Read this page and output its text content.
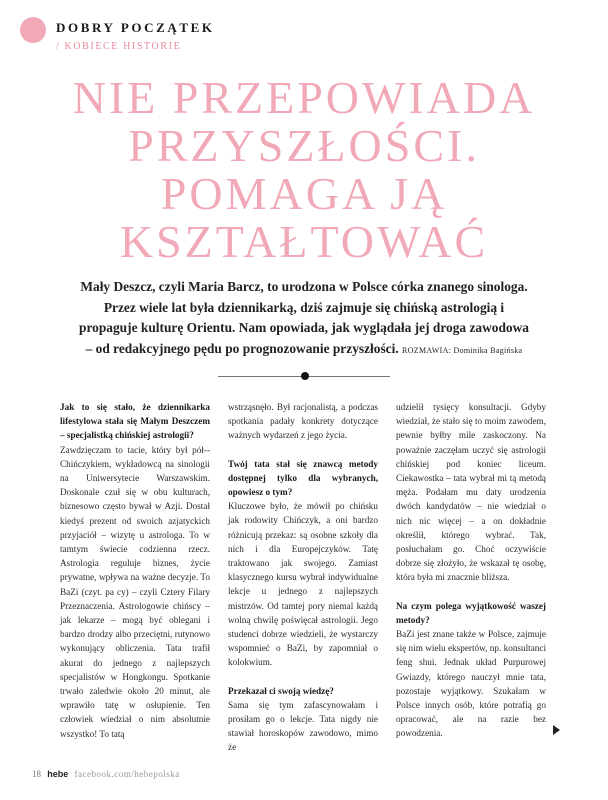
DOBRY POCZĄTEK
/ KOBIECE HISTORIE
NIE PRZEPOWIADA
PRZYSZŁOŚCI.
POMAGA JĄ
KSZTAŁTOWAĆ

Mały Deszcz, czyli Maria Barcz, to urodzona w Polsce córka znanego sinologa. Przez wiele lat była dziennikarką, dziś zajmuje się chińską astrologią i propaguje kulturę Orientu. Nam opowiada, jak wyglądała jej droga zawodowa – od redakcyjnego pędu po prognozowanie przyszłości. ROZMAWIA: Dominika Bagińska

Jak to się stało, że dziennikarka lifestylowa stała się Małym Deszczem – specjalistką chińskiej astrologii?

Zawdzięczam to tacie, który był pół--Chińczykiem, wykładowcą na sinologii na Uniwersytecie Warszawskim. Doskonale czuł się w obu kulturach, biznesowo często bywał w Azji. Dostał kiedyś prezent od swoich azjatyckich przyjaciół – wizytę u astrologa. To w tamtym świecie codzienna rzecz. Astrologia reguluje biznes, życie prywatne, wpływa na ważne decyzje. To BaZi (czyt. pa cy) – czyli Cztery Filary Przeznaczenia. Astrologowie chińscy – jak lekarze – mogą być oblegani i bardzo drodzy albo przeciętni, rutynowo wykonujący obliczenia. Tata trafił akurat do jednego z najlepszych specjalistów w Hongkongu. Spotkanie trwało zaledwie około 20 minut, ale wprawiło tatę w osłupienie. Ten człowiek wiedział o nim absolutnie wszystko! To tatą

wstrząsnęło. Był racjonalistą, a podczas spotkania padały konkrety dotyczące ważnych wydarzeń z jego życia.

Twój tata stał się znawcą metody dostępnej tylko dla wybranych, opowiesz o tym?

Kluczowe było, że mówił po chińsku jak rodowity Chińczyk, a oni bardzo różnicują przekaz: są osobne szkoły dla nich i dla Europejczyków. Tatę traktowano jak swojego. Zamiast klasycznego kursu wybrał indywidualne lekcje u jednego z najlepszych mistrzów. Od tamtej pory niemal każdą wolną chwilę poświęcał astrologii. Jego studenci dobrze wiedzieli, że wystarczy wspomnieć o BaZi, by zapomniał o kolokwium.

Przekazał ci swoją wiedzę?

Sama się tym zafascynowałam i prosiłam go o lekcje. Tata nigdy nie stawiał horoskopów zawodowo, mimo że

udzielił tysięcy konsultacji. Gdyby wiedział, że stało się to moim zawodem, pewnie byłby mile zaskoczony. Na poważnie zaczęłam uczyć się astrologii chińskiej pod koniec liceum. Ciekawostka – tata wybrał mi tą metodą męża. Podałam mu daty urodzenia dwóch kandydatów – nie wiedział o nich nic więcej – a on dokładnie określił, którego wybrać. Tak, posłuchałam go. Choć oczywiście dobrze się złożyło, że wskazał tę osobę, która była mi znacznie bliższa.

Na czym polega wyjątkowość waszej metody?

BaZi jest znane także w Polsce, zajmuje się nim wielu ekspertów, np. konsultanci feng shui. Jednak układ Purpurowej Gwiazdy, którego nauczył mnie tata, pozostaje wyjątkowy. Szukałam w Polsce innych osób, które potrafią go opracować, ale na razie bez powodzenia.

18 hebe facebook.com/hebepolska
